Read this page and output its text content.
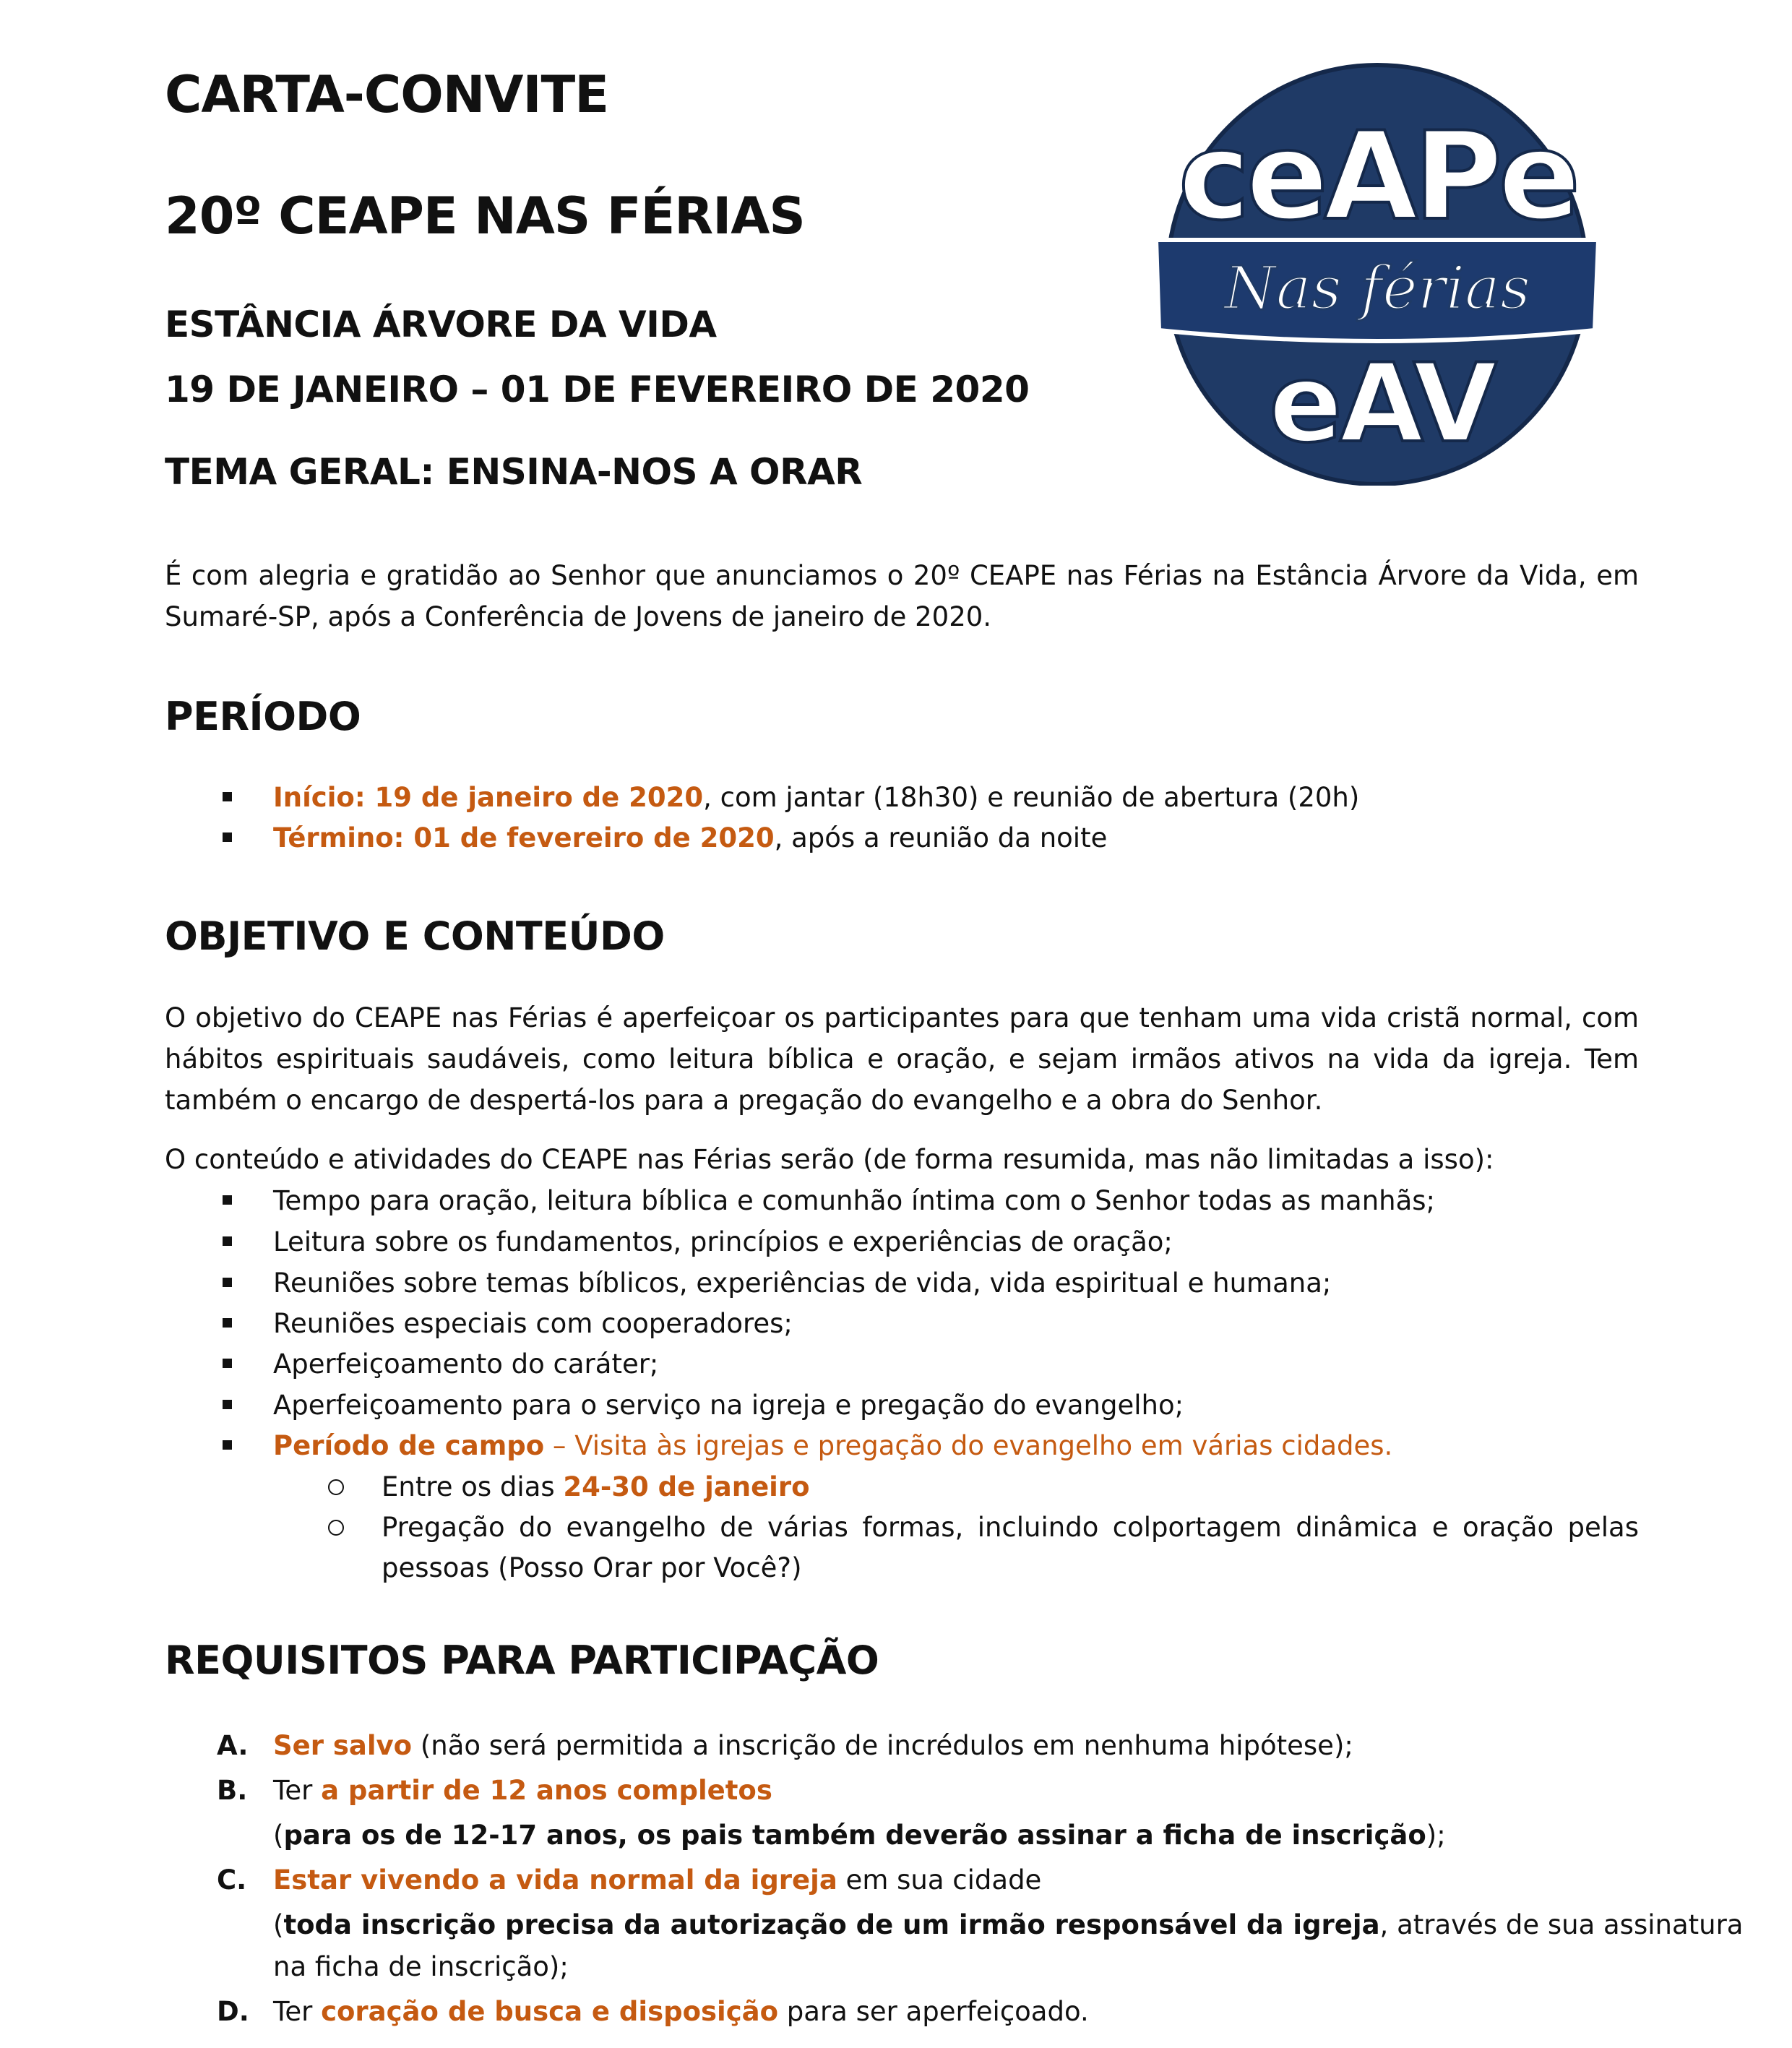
CARTA-CONVITE
20º CEAPE NAS FÉRIAS
ESTÂNCIA ÁRVORE DA VIDA
19 DE JANEIRO – 01 DE FEVEREIRO DE 2020
TEMA GERAL: ENSINA-NOS A ORAR
É com alegria e gratidão ao Senhor que anunciamos o 20º CEAPE nas Férias na Estância Árvore da Vida, em Sumaré-SP, após a Conferência de Jovens de janeiro de 2020.
PERÍODO
Início: 19 de janeiro de 2020, com jantar (18h30) e reunião de abertura (20h)
Término: 01 de fevereiro de 2020, após a reunião da noite
OBJETIVO E CONTEÚDO
O objetivo do CEAPE nas Férias é aperfeiçoar os participantes para que tenham uma vida cristã normal, com hábitos espirituais saudáveis, como leitura bíblica e oração, e sejam irmãos ativos na vida da igreja. Tem também o encargo de despertá-los para a pregação do evangelho e a obra do Senhor.
O conteúdo e atividades do CEAPE nas Férias serão (de forma resumida, mas não limitadas a isso):
Tempo para oração, leitura bíblica e comunhão íntima com o Senhor todas as manhãs;
Leitura sobre os fundamentos, princípios e experiências de oração;
Reuniões sobre temas bíblicos, experiências de vida, vida espiritual e humana;
Reuniões especiais com cooperadores;
Aperfeiçoamento do caráter;
Aperfeiçoamento para o serviço na igreja e pregação do evangelho;
Período de campo – Visita às igrejas e pregação do evangelho em várias cidades.
Entre os dias 24-30 de janeiro
Pregação do evangelho de várias formas, incluindo colportagem dinâmica e oração pelas
pessoas (Posso Orar por Você?)
REQUISITOS PARA PARTICIPAÇÃO
A. Ser salvo (não será permitida a inscrição de incrédulos em nenhuma hipótese);
B. Ter a partir de 12 anos completos
(para os de 12-17 anos, os pais também deverão assinar a ficha de inscrição);
C. Estar vivendo a vida normal da igreja em sua cidade
(toda inscrição precisa da autorização de um irmão responsável da igreja, através de sua assinatura
na ficha de inscrição);
D. Ter coração de busca e disposição para ser aperfeiçoado.
ceAPe
Nas férias
eAV
